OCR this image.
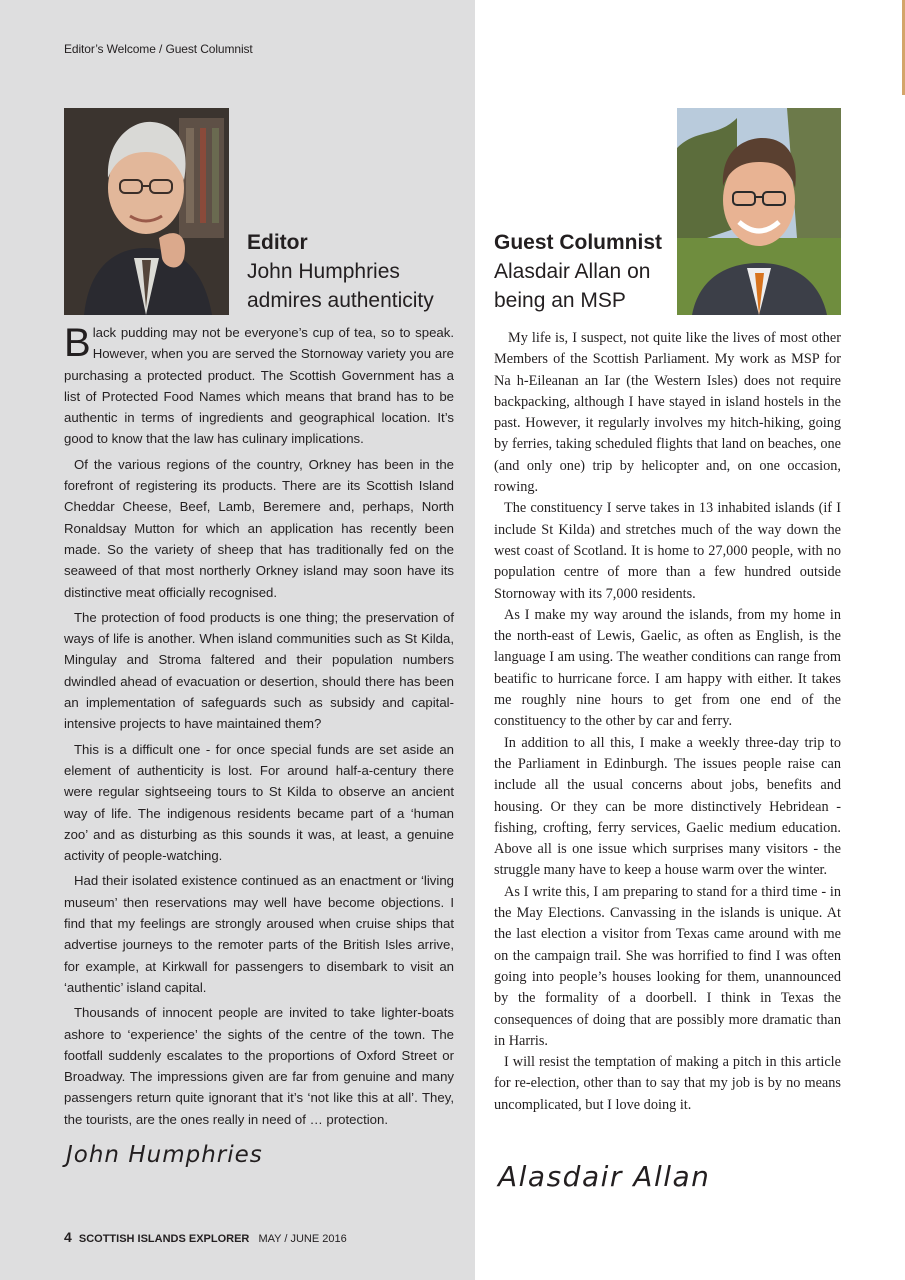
Editor’s Welcome / Guest Columnist
Editor
John Humphries
admires authenticity
Guest Columnist
Alasdair Allan on
being an MSP

Black pudding may not be everyone’s cup of tea, so to speak. However, when you are served the Stornoway variety you are purchasing a protected product. The Scottish Government has a list of Protected Food Names which means that brand has to be authentic in terms of ingredients and geographical location. It’s good to know that the law has culinary implications.

Of the various regions of the country, Orkney has been in the forefront of registering its products. There are its Scottish Island Cheddar Cheese, Beef, Lamb, Beremere and, perhaps, North Ronaldsay Mutton for which an application has recently been made. So the variety of sheep that has traditionally fed on the seaweed of that most northerly Orkney island may soon have its distinctive meat officially recognised.

The protection of food products is one thing; the preservation of ways of life is another. When island communities such as St Kilda, Mingulay and Stroma faltered and their population numbers dwindled ahead of evacuation or desertion, should there has been an implementation of safeguards such as subsidy and capital-intensive projects to have maintained them?

This is a difficult one - for once special funds are set aside an element of authenticity is lost. For around half-a-century there were regular sightseeing tours to St Kilda to observe an ancient way of life. The indigenous residents became part of a ‘human zoo’ and as disturbing as this sounds it was, at least, a genuine activity of people-watching.

Had their isolated existence continued as an enactment or ‘living museum’ then reservations may well have become objections. I find that my feelings are strongly aroused when cruise ships that advertise journeys to the remoter parts of the British Isles arrive, for example, at Kirkwall for passengers to disembark to visit an ‘authentic’ island capital.

Thousands of innocent people are invited to take lighter-boats ashore to ‘experience’ the sights of the centre of the town. The footfall suddenly escalates to the proportions of Oxford Street or Broadway. The impressions given are far from genuine and many passengers return quite ignorant that it’s ‘not like this at all’. They, the tourists, are the ones really in need of … protection.

John Humphries

My life is, I suspect, not quite like the lives of most other Members of the Scottish Parliament. My work as MSP for Na h-Eileanan an Iar (the Western Isles) does not require backpacking, although I have stayed in island hostels in the past. However, it regularly involves my hitch-hiking, going by ferries, taking scheduled flights that land on beaches, one (and only one) trip by helicopter and, on one occasion, rowing.

The constituency I serve takes in 13 inhabited islands (if I include St Kilda) and stretches much of the way down the west coast of Scotland. It is home to 27,000 people, with no population centre of more than a few hundred outside Stornoway with its 7,000 residents.

As I make my way around the islands, from my home in the north-east of Lewis, Gaelic, as often as English, is the language I am using. The weather conditions can range from beatific to hurricane force. I am happy with either. It takes me roughly nine hours to get from one end of the constituency to the other by car and ferry.

In addition to all this, I make a weekly three-day trip to the Parliament in Edinburgh. The issues people raise can include all the usual concerns about jobs, benefits and housing. Or they can be more distinctively Hebridean - fishing, crofting, ferry services, Gaelic medium education. Above all is one issue which surprises many visitors - the struggle many have to keep a house warm over the winter.

As I write this, I am preparing to stand for a third time - in the May Elections. Canvassing in the islands is unique. At the last election a visitor from Texas came around with me on the campaign trail. She was horrified to find I was often going into people’s houses looking for them, unannounced by the formality of a doorbell. I think in Texas the consequences of doing that are possibly more dramatic than in Harris.

I will resist the temptation of making a pitch in this article for re-election, other than to say that my job is by no means uncomplicated, but I love doing it.

Alasdair Allan
4 SCOTTISH ISLANDS EXPLORER MAY / JUNE 2016
